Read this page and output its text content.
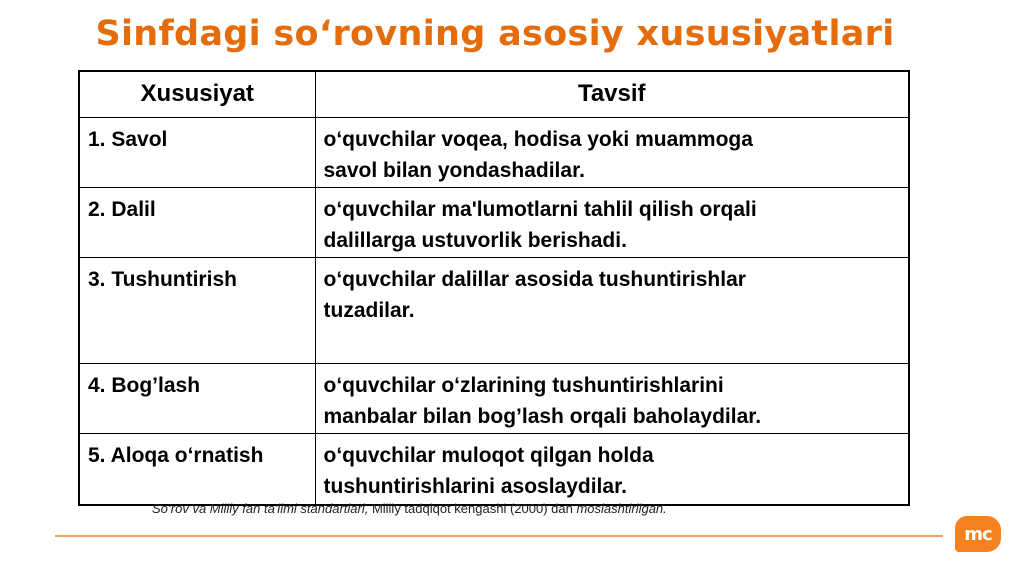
Sinfdagi so‘rovning asosiy xususiyatlari
Xususiyat	Tavsif
1. Savol	o‘quvchilar voqea, hodisa yoki muammoga
savol bilan yondashadilar.

2. Dalil	o‘quvchilar ma'lumotlarni tahlil qilish orqali
dalillarga ustuvorlik berishadi.

3. Tushuntirish	o‘quvchilar dalillar asosida tushuntirishlar
tuzadilar.

4. Bog’lash	o‘quvchilar o‘zlarining tushuntirishlarini
manbalar bilan bog’lash orqali baholaydilar.

5. Aloqa o‘rnatish	o‘quvchilar muloqot qilgan holda
tushuntirishlarini asoslaydilar.
So‘rov va Milliy fan ta'limi standartlari, Milliy tadqiqot kengashi (2000) dan moslashtirilgan.
mc
